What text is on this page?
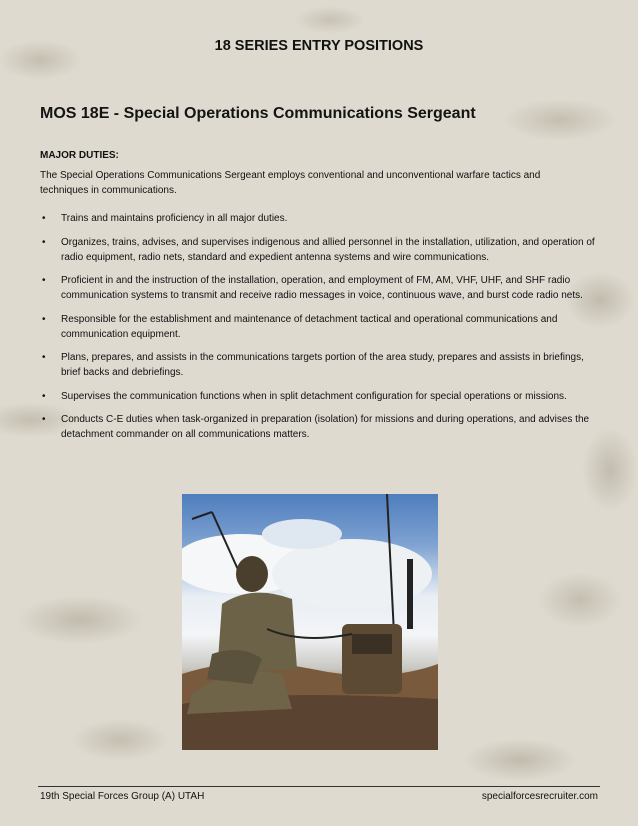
18 SERIES ENTRY POSITIONS
MOS 18E - Special Operations Communications Sergeant
MAJOR DUTIES:
The Special Operations Communications Sergeant employs conventional and unconventional warfare tactics and techniques in communications.
• Trains and maintains proficiency in all major duties.
• Organizes, trains, advises, and supervises indigenous and allied personnel in the installation, utilization, and operation of radio equipment, radio nets, standard and expedient antenna systems and wire communications.
• Proficient in and the instruction of the installation, operation, and employment of FM, AM, VHF, UHF, and SHF radio communication systems to transmit and receive radio messages in voice, continuous wave, and burst code radio nets.
• Responsible for the establishment and maintenance of detachment tactical and operational communications and communication equipment.
• Plans, prepares, and assists in the communications targets portion of the area study, prepares and assists in briefings, brief backs and debriefings.
• Supervises the communication functions when in split detachment configuration for special operations or missions.
• Conducts C-E duties when task-organized in preparation (isolation) for missions and during operations, and advises the detachment commander on all communications matters.
19th Special Forces Group (A) UTAH	specialforcesrecruiter.com
